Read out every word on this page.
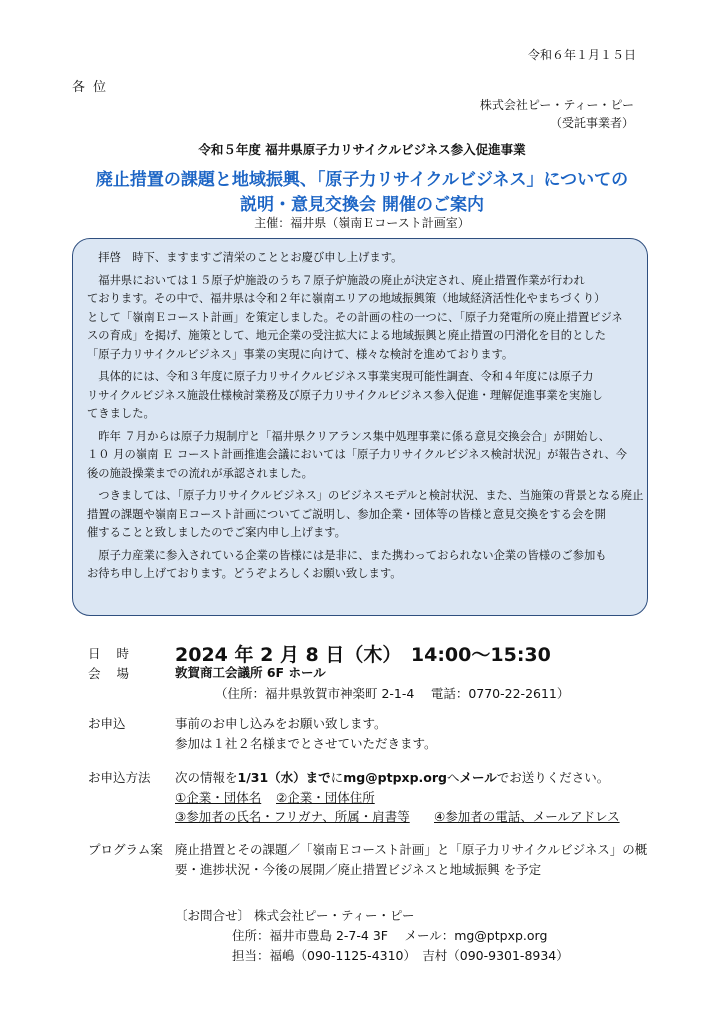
令和６年１月１５日
各位
株式会社ピー・ティー・ピー
（受託事業者）
令和５年度 福井県原子力リサイクルビジネス参入促進事業
廃止措置の課題と地域振興、「原子力リサイクルビジネス」についての
説明・意見交換会 開催のご案内
主催：福井県（嶺南Ｅコースト計画室）

拝啓　時下、ますますご清栄のこととお慶び申し上げます。

福井県においては１５原子炉施設のうち７原子炉施設の廃止が決定され、廃止措置作業が行われ
ております。その中で、福井県は令和２年に嶺南エリアの地域振興策（地域経済活性化やまちづくり）
として「嶺南Ｅコースト計画」を策定しました。その計画の柱の一つに、「原子力発電所の廃止措置ビジネ
スの育成」を掲げ、施策として、地元企業の受注拡大による地域振興と廃止措置の円滑化を目的とした
「原子力リサイクルビジネス」事業の実現に向けて、様々な検討を進めております。

具体的には、令和３年度に原子力リサイクルビジネス事業実現可能性調査、令和４年度には原子力
リサイクルビジネス施設仕様検討業務及び原子力リサイクルビジネス参入促進・理解促進事業を実施し
てきました。

昨年 ７月からは原子力規制庁と「福井県クリアランス集中処理事業に係る意見交換会合」が開始し、
１０ 月の嶺南 Ｅ コースト計画推進会議においては「原子力リサイクルビジネス検討状況」が報告され、今
後の施設操業までの流れが承認されました。

つきましては、「原子力リサイクルビジネス」のビジネスモデルと検討状況、また、当施策の背景となる廃止
措置の課題や嶺南Ｅコースト計画についてご説明し、参加企業・団体等の皆様と意見交換をする会を開
催することと致しましたのでご案内申し上げます。

原子力産業に参入されている企業の皆様には是非に、また携わっておられない企業の皆様のご参加も
お待ち申し上げております。どうぞよろしくお願い致します。

日 時 2024 年 2 月 8 日（木）　14:00～15:30
会 場	敦賀商工会議所 6F ホール
（住所：福井県敦賀市神楽町 2-1-4　 電話：0770-22-2611）
お申込	事前のお申し込みをお願い致します。
参加は１社２名様までとさせていただきます。
お申込方法 次の情報を1/31（水）までにmg@ptpxp.orgへメールでお送りください。
①企業・団体名 ②企業・団体住所
③参加者の氏名・フリガナ、所属・肩書等 ④参加者の電話、メールアドレス
プログラム案 廃止措置とその課題／「嶺南Ｅコースト計画」と「原子力リサイクルビジネス」の概
要・進捗状況・今後の展開／廃止措置ビジネスと地域振興 を予定
〔お問合せ〕 株式会社ピー・ティー・ピー
住所：福井市豊島 2-7-4 3F　 メール：mg@ptpxp.org
担当：福嶋（090-1125-4310）　吉村（090-9301-8934）
